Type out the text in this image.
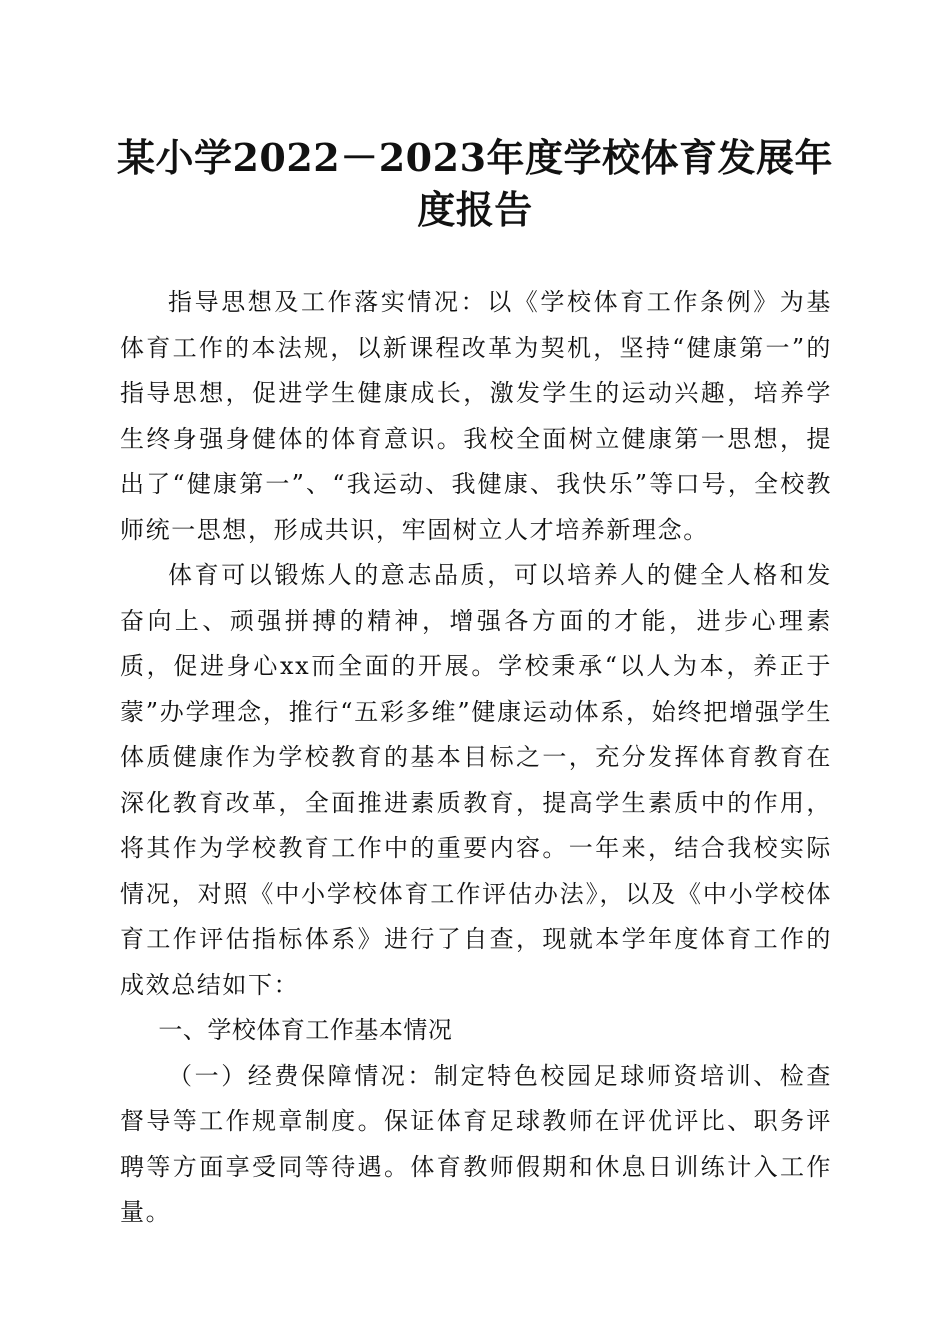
某小学2022－2023年度学校体育发展年度报告

指导思想及工作落实情况：以《学校体育工作条例》为基体育工作的本法规，以新课程改革为契机，坚持“健康第一”的指导思想，促进学生健康成长，激发学生的运动兴趣，培养学生终身强身健体的体育意识。我校全面树立健康第一思想，提出了“健康第一”、“我运动、我健康、我快乐”等口号，全校教师统一思想，形成共识，牢固树立人才培养新理念。

体育可以锻炼人的意志品质，可以培养人的健全人格和发奋向上、顽强拼搏的精神，增强各方面的才能，进步心理素质，促进身心xx而全面的开展。学校秉承“以人为本，养正于蒙”办学理念，推行“五彩多维”健康运动体系，始终把增强学生体质健康作为学校教育的基本目标之一，充分发挥体育教育在深化教育改革，全面推进素质教育，提高学生素质中的作用，将其作为学校教育工作中的重要内容。一年来，结合我校实际情况，对照《中小学校体育工作评估办法》，以及《中小学校体育工作评估指标体系》进行了自查，现就本学年度体育工作的成效总结如下：

一、学校体育工作基本情况

（一）经费保障情况：制定特色校园足球师资培训、检查督导等工作规章制度。保证体育足球教师在评优评比、职务评聘等方面享受同等待遇。体育教师假期和休息日训练计入工作量。
